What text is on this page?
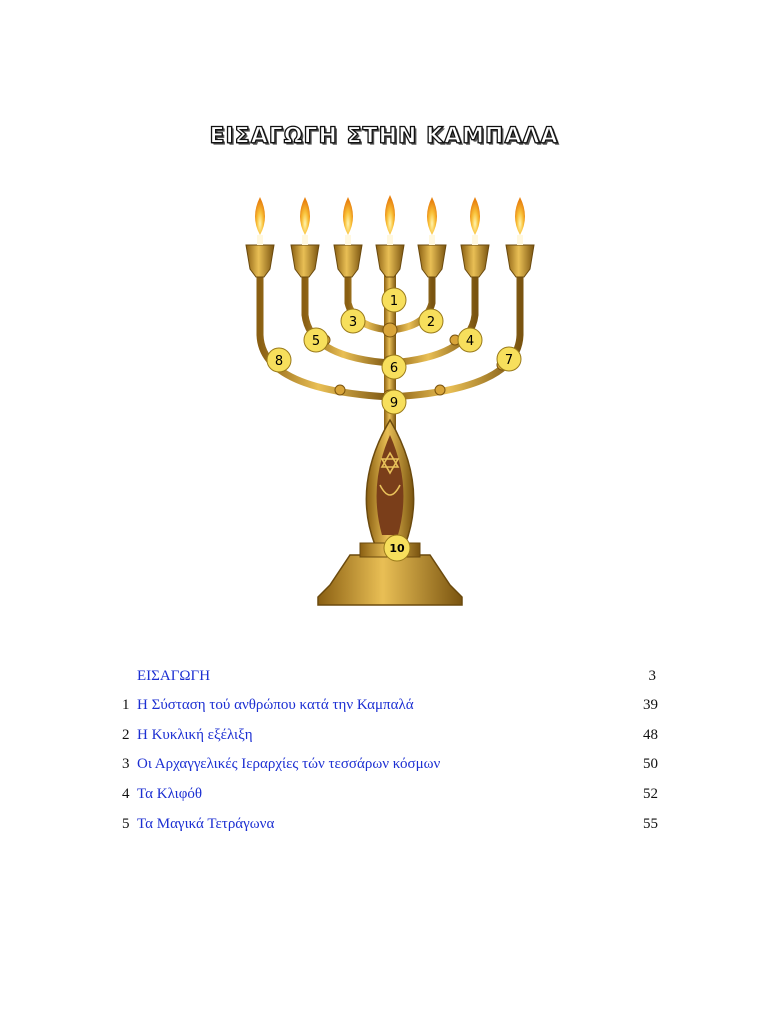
ΕΙΣΑΓΩΓΗ ΣΤΗΝ ΚΑΜΠΑΛΑ
1
2
3
4
5
6
7
8
9
10
ΕΙΣΑΓΩΓΗ	3
1 Η Σύσταση τού ανθρώπου κατά την Καμπαλά	39
2 Η Κυκλική εξέλιξη	48
3 Οι Αρχαγγελικές Ιεραρχίες τών τεσσάρων κόσμων	50
4 Τα Κλιφόθ	52
5 Τα Μαγικά Τετράγωνα	55
